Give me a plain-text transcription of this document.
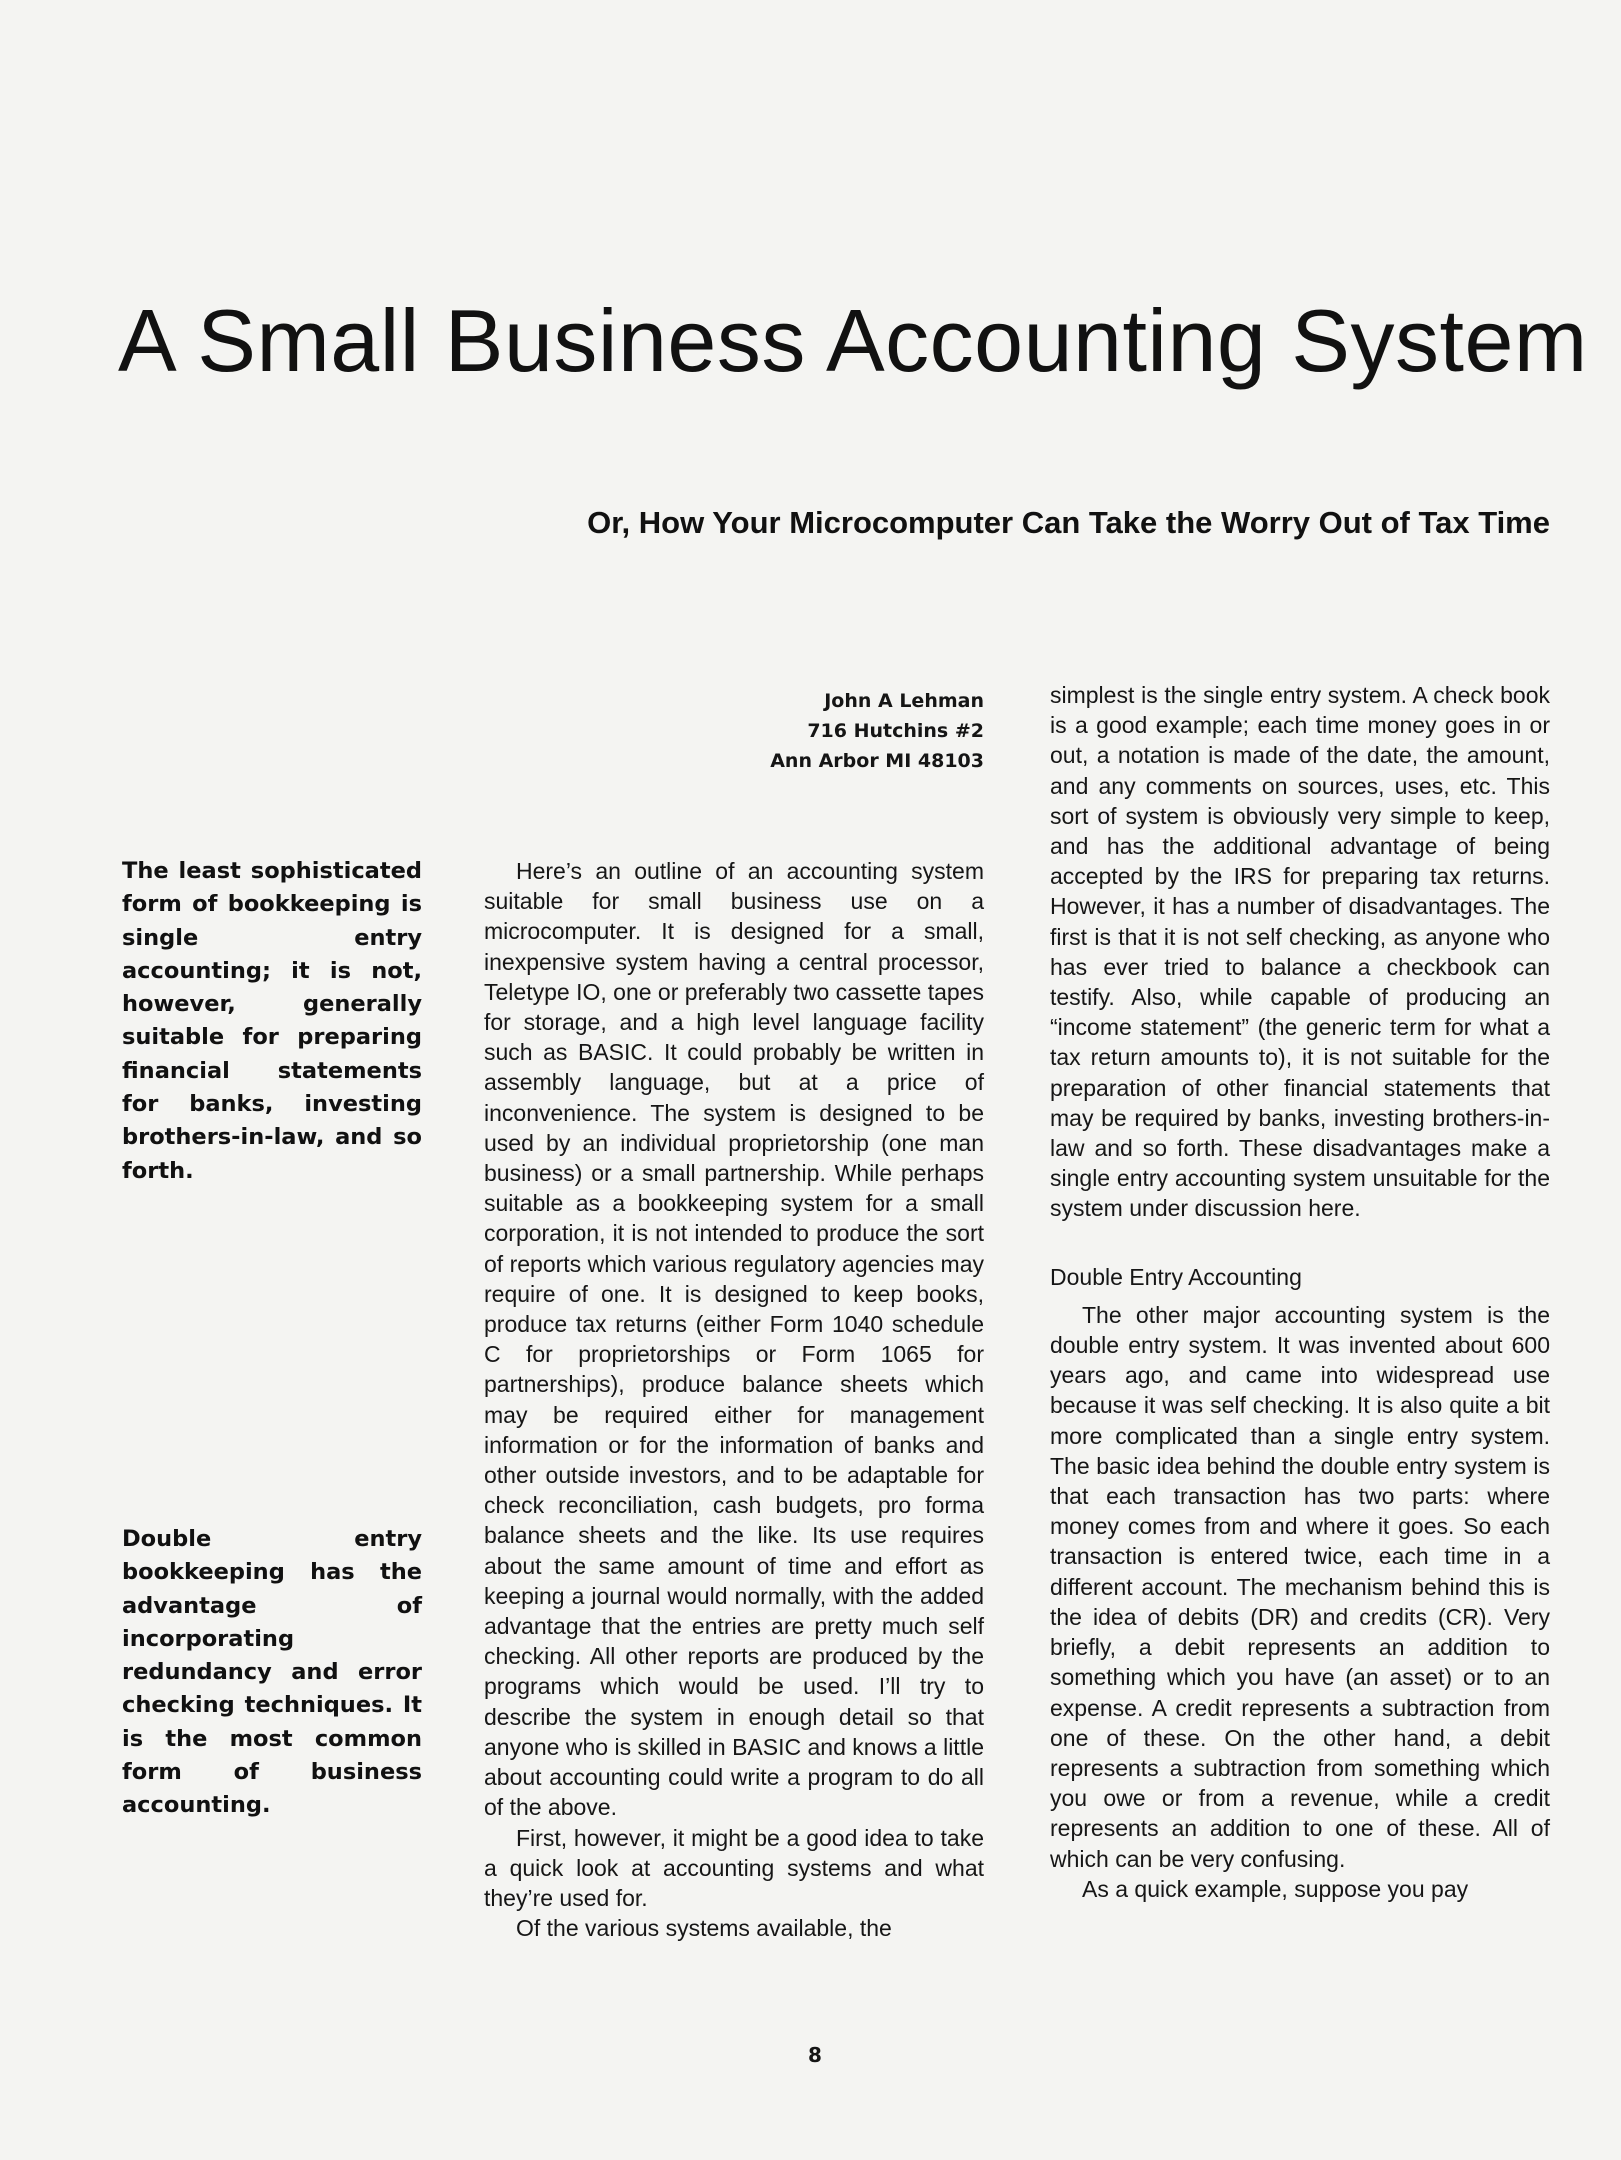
A Small Business Accounting System
Or, How Your Microcomputer Can Take the Worry Out of Tax Time
John A Lehman
716 Hutchins #2
Ann Arbor MI 48103
The least sophisticated form of bookkeeping is single entry accounting; it is not, however, generally suitable for preparing financial statements for banks, investing brothers-in-law, and so forth.
Double entry bookkeeping has the advantage of incorporating redundancy and error checking techniques. It is the most common form of business accounting.

Here’s an outline of an accounting system suitable for small business use on a microcomputer. It is designed for a small, inexpensive system having a central processor, Teletype IO, one or preferably two cassette tapes for storage, and a high level language facility such as BASIC. It could probably be written in assembly language, but at a price of inconvenience. The system is designed to be used by an individual proprietorship (one man business) or a small partnership. While perhaps suitable as a bookkeeping system for a small corporation, it is not intended to produce the sort of reports which various regulatory agencies may require of one. It is designed to keep books, produce tax returns (either Form 1040 schedule C for proprietorships or Form 1065 for partnerships), produce balance sheets which may be required either for management information or for the information of banks and other outside investors, and to be adaptable for check reconciliation, cash budgets, pro forma balance sheets and the like. Its use requires about the same amount of time and effort as keeping a journal would normally, with the added advantage that the entries are pretty much self checking. All other reports are produced by the programs which would be used. I’ll try to describe the system in enough detail so that anyone who is skilled in BASIC and knows a little about accounting could write a program to do all of the above.

First, however, it might be a good idea to take a quick look at accounting systems and what they’re used for.

Of the various systems available, the

simplest is the single entry system. A check book is a good example; each time money goes in or out, a notation is made of the date, the amount, and any comments on sources, uses, etc. This sort of system is obviously very simple to keep, and has the additional advantage of being accepted by the IRS for preparing tax returns. However, it has a number of disadvantages. The first is that it is not self checking, as anyone who has ever tried to balance a checkbook can testify. Also, while capable of producing an “income statement” (the generic term for what a tax return amounts to), it is not suitable for the preparation of other financial statements that may be required by banks, investing brothers-in-law and so forth. These disadvantages make a single entry accounting system unsuitable for the system under discussion here.

Double Entry Accounting

The other major accounting system is the double entry system. It was invented about 600 years ago, and came into widespread use because it was self checking. It is also quite a bit more complicated than a single entry system. The basic idea behind the double entry system is that each transaction has two parts: where money comes from and where it goes. So each transaction is entered twice, each time in a different account. The mechanism behind this is the idea of debits (DR) and credits (CR). Very briefly, a debit represents an addition to something which you have (an asset) or to an expense. A credit represents a subtraction from one of these. On the other hand, a debit represents a subtraction from something which you owe or from a revenue, while a credit represents an addition to one of these. All of which can be very confusing.

As a quick example, suppose you pay

8
